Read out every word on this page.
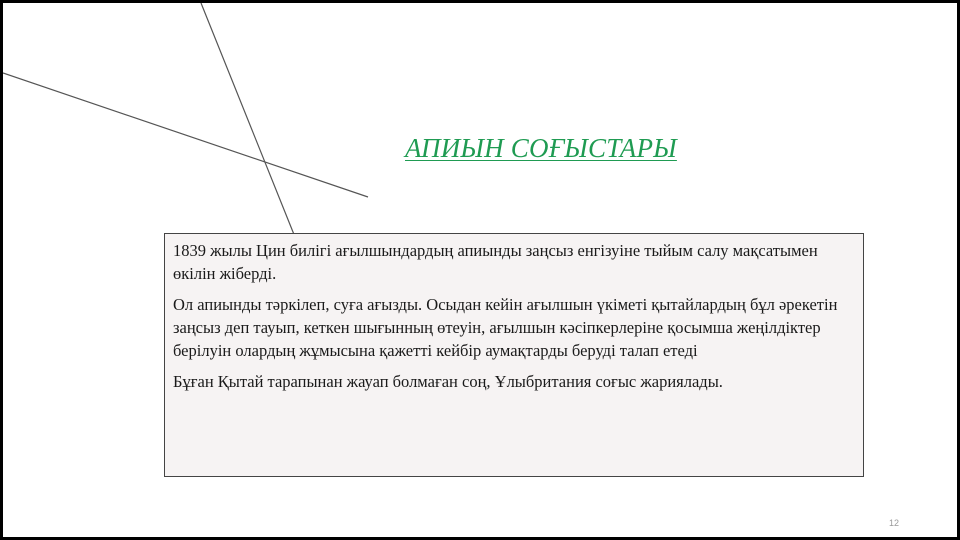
АПИЫН СОҒЫСТАРЫ

1839 жылы Цин билігі ағылшындардың апиынды заңсыз енгізуіне тыйым салу мақсатымен өкілін жіберді.

Ол апиынды тәркілеп, суға ағызды. Осыдан кейін ағылшын үкіметі қытайлардың бұл әрекетін заңсыз деп тауып, кеткен шығынның өтеуін, ағылшын кәсіпкерлеріне қосымша жеңілдіктер берілуін олардың жұмысына қажетті кейбір аумақтарды беруді талап етеді

Бұған Қытай тарапынан жауап болмаған соң, Ұлыбритания соғыс жариялады.

12
